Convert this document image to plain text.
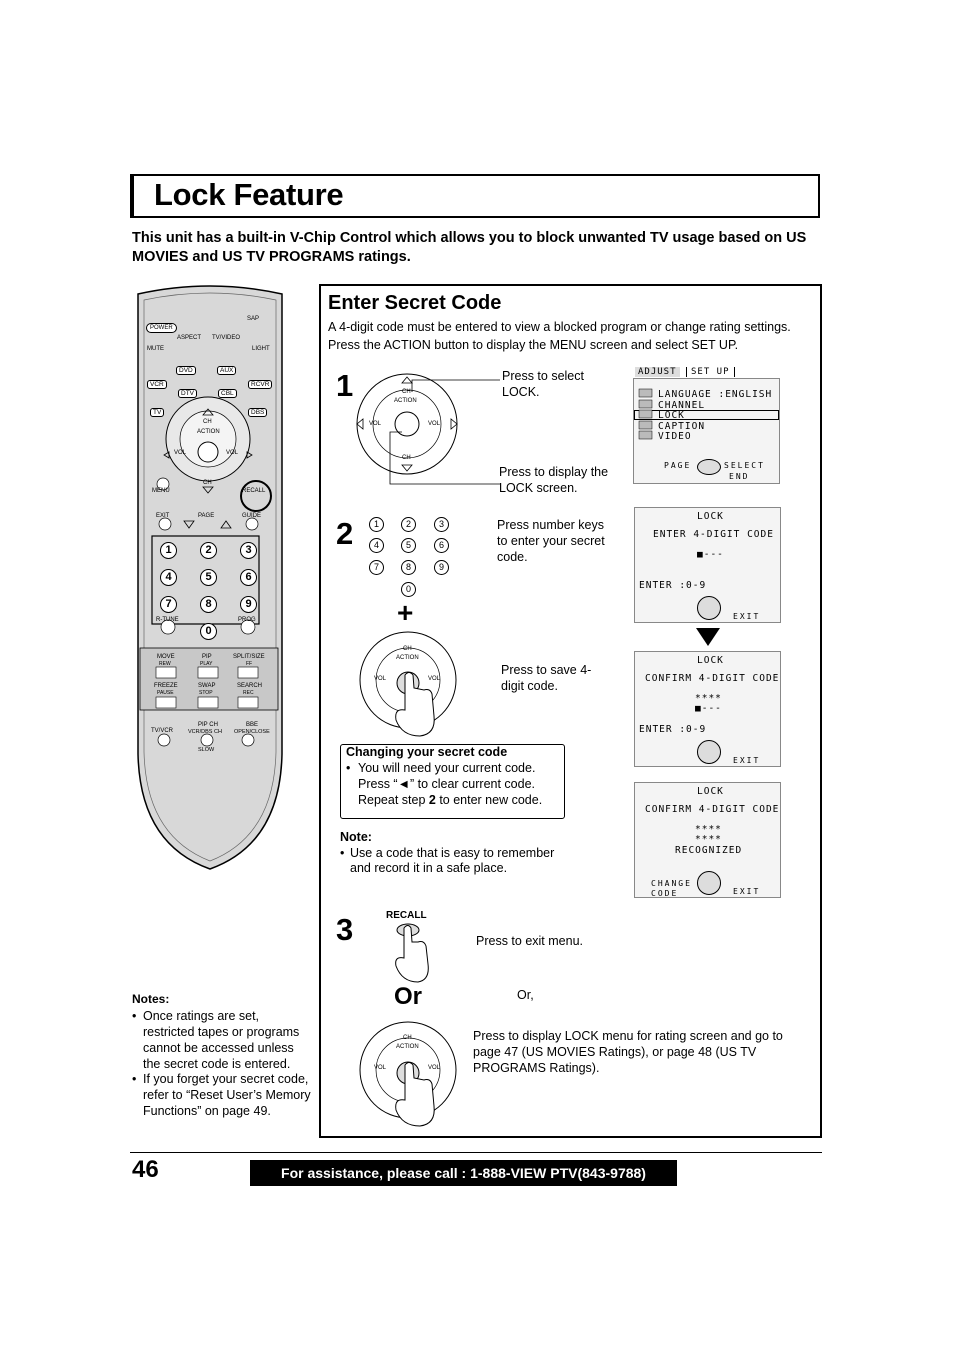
Lock Feature
This unit has a built-in V-Chip Control which allows you to block unwanted TV usage based on US MOVIES and US TV PROGRAMS ratings.
POWER
SAP
ASPECT TV/VIDEO
MUTE	LIGHT
VCR
DVD	AUX
RCVR
TV
DTV	CBL
DBS
CH
ACTION
VOL	VOL
CH
MENU	RECALL
EXIT	PAGE	GUIDE
1	2	3
4	5	6
7	8	9
0
R-TUNE	PROG
MOVE
REW
PIP
PLAY
SPLIT/SIZE
FF
FREEZE
PAUSE
SWAP
STOP
SEARCH
REC
TV/VCR
PIP CH
VCR/DBS CH
BBE
OPEN/CLOSE
SLOW
Notes:
• Once ratings are set, restricted tapes or programs cannot be accessed unless the secret code is entered.
• If you forget your secret code, refer to “Reset User’s Memory Functions” on page 49.
Enter Secret Code
A 4-digit code must be entered to view a blocked program or change rating settings.
Press the ACTION button to display the MENU screen and select SET UP.
1	CH
ACTION
VOL	VOL
CH
Press to select LOCK.
Press to display the LOCK screen.
LANGUAGE :ENGLISH
CHANNEL
LOCK
CAPTION
VIDEO
PAGE	SELECT
END
ADJUST	SET UP
2	1	2	3
4	5	6
7	8	9
0
+
CH
ACTION
VOL	VOL
Press number keys to enter your secret code.
Press to save 4-digit code.
LOCK
ENTER 4-DIGIT CODE
■---
ENTER :0-9
EXIT
LOCK
CONFIRM 4-DIGIT CODE
****
■---
ENTER :0-9
EXIT
LOCK
CONFIRM 4-DIGIT CODE
****
****
RECOGNIZED
CHANGE CODE	EXIT
Changing your secret code
• You will need your current code.
Press “◄” to clear current code.
Repeat step 2 to enter new code.
Note:
• Use a code that is easy to remember
and record it in a safe place.
3	RECALL
Press to exit menu.
Or	Or,
CH
ACTION
VOL	VOL
Press to display LOCK menu for rating screen and go to page 47 (US MOVIES Ratings), or page 48 (US TV PROGRAMS Ratings).
46	For assistance, please call : 1-888-VIEW PTV(843-9788)
